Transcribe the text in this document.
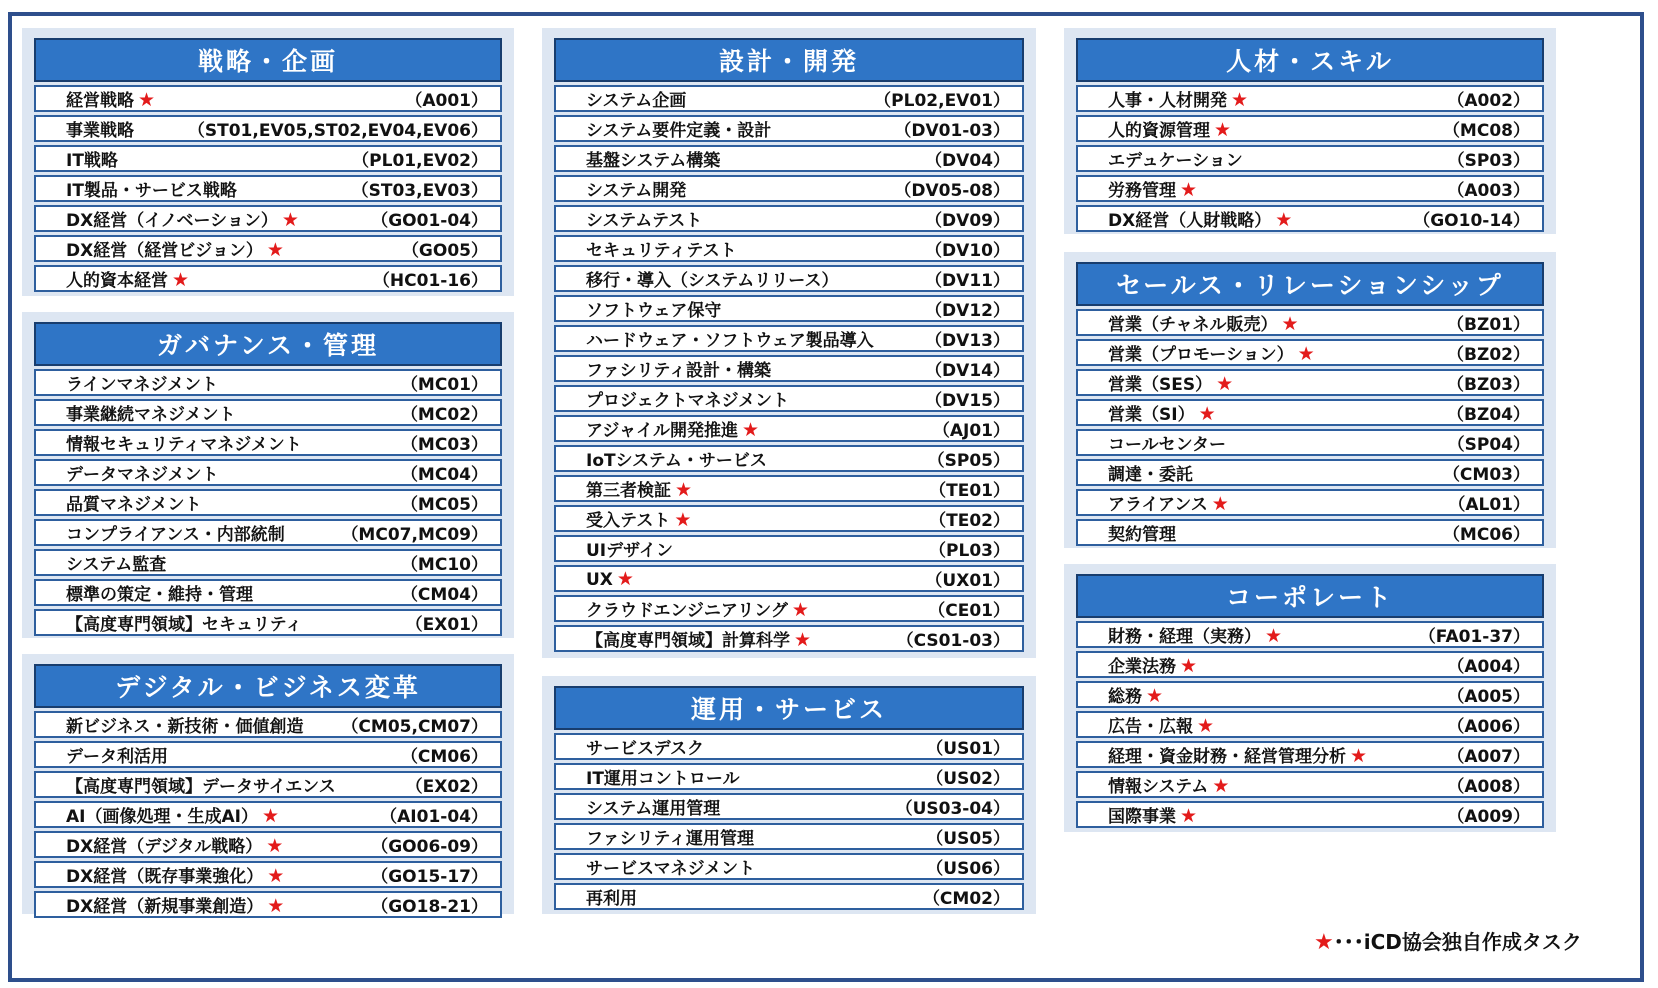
戦略・企画
経営戦略 ★	（A001）
事業戦略	（ST01,EV05,ST02,EV04,EV06）
IT戦略	（PL01,EV02）
IT製品・サービス戦略	（ST03,EV03）
DX経営（イノベーション） ★	（GO01-04）
DX経営（経営ビジョン） ★	（GO05）
人的資本経営 ★	（HC01-16）
ガバナンス・管理
ラインマネジメント	（MC01）
事業継続マネジメント	（MC02）
情報セキュリティマネジメント	（MC03）
データマネジメント	（MC04）
品質マネジメント	（MC05）
コンプライアンス・内部統制	（MC07,MC09）
システム監査	（MC10）
標準の策定・維持・管理	（CM04）
【高度専門領域】セキュリティ	（EX01）
デジタル・ビジネス変革
新ビジネス・新技術・価値創造	（CM05,CM07）
データ利活用	（CM06）
【高度専門領域】データサイエンス	（EX02）
AI（画像処理・生成AI） ★	（AI01-04）
DX経営（デジタル戦略） ★	（GO06-09）
DX経営（既存事業強化） ★	（GO15-17）
DX経営（新規事業創造） ★	（GO18-21）
設計・開発
システム企画	（PL02,EV01）
システム要件定義・設計	（DV01-03）
基盤システム構築	（DV04）
システム開発	（DV05-08）
システムテスト	（DV09）
セキュリティテスト	（DV10）
移行・導入（システムリリース）	（DV11）
ソフトウェア保守	（DV12）
ハードウェア・ソフトウェア製品導入	（DV13）
ファシリティ設計・構築	（DV14）
プロジェクトマネジメント	（DV15）
アジャイル開発推進 ★	（AJ01）
IoTシステム・サービス	（SP05）
第三者検証 ★	（TE01）
受入テスト ★	（TE02）
UIデザイン	（PL03）
UX ★	（UX01）
クラウドエンジニアリング ★	（CE01）
【高度専門領域】計算科学 ★	（CS01-03）
運用・サービス
サービスデスク	（US01）
IT運用コントロール	（US02）
システム運用管理	（US03-04）
ファシリティ運用管理	（US05）
サービスマネジメント	（US06）
再利用	（CM02）
人材・スキル
人事・人材開発 ★	（A002）
人的資源管理 ★	（MC08）
エデュケーション	（SP03）
労務管理 ★	（A003）
DX経営（人財戦略） ★	（GO10-14）
セールス・リレーションシップ
営業（チャネル販売） ★	（BZ01）
営業（プロモーション） ★	（BZ02）
営業（SES） ★	（BZ03）
営業（SI） ★	（BZ04）
コールセンター	（SP04）
調達・委託	（CM03）
アライアンス ★	（AL01）
契約管理	（MC06）
コーポレート
財務・経理（実務） ★	（FA01-37）
企業法務 ★	（A004）
総務 ★	（A005）
広告・広報 ★	（A006）
経理・資金財務・経営管理分析 ★	（A007）
情報システム ★	（A008）
国際事業 ★	（A009）
★･･･iCD協会独自作成タスク
